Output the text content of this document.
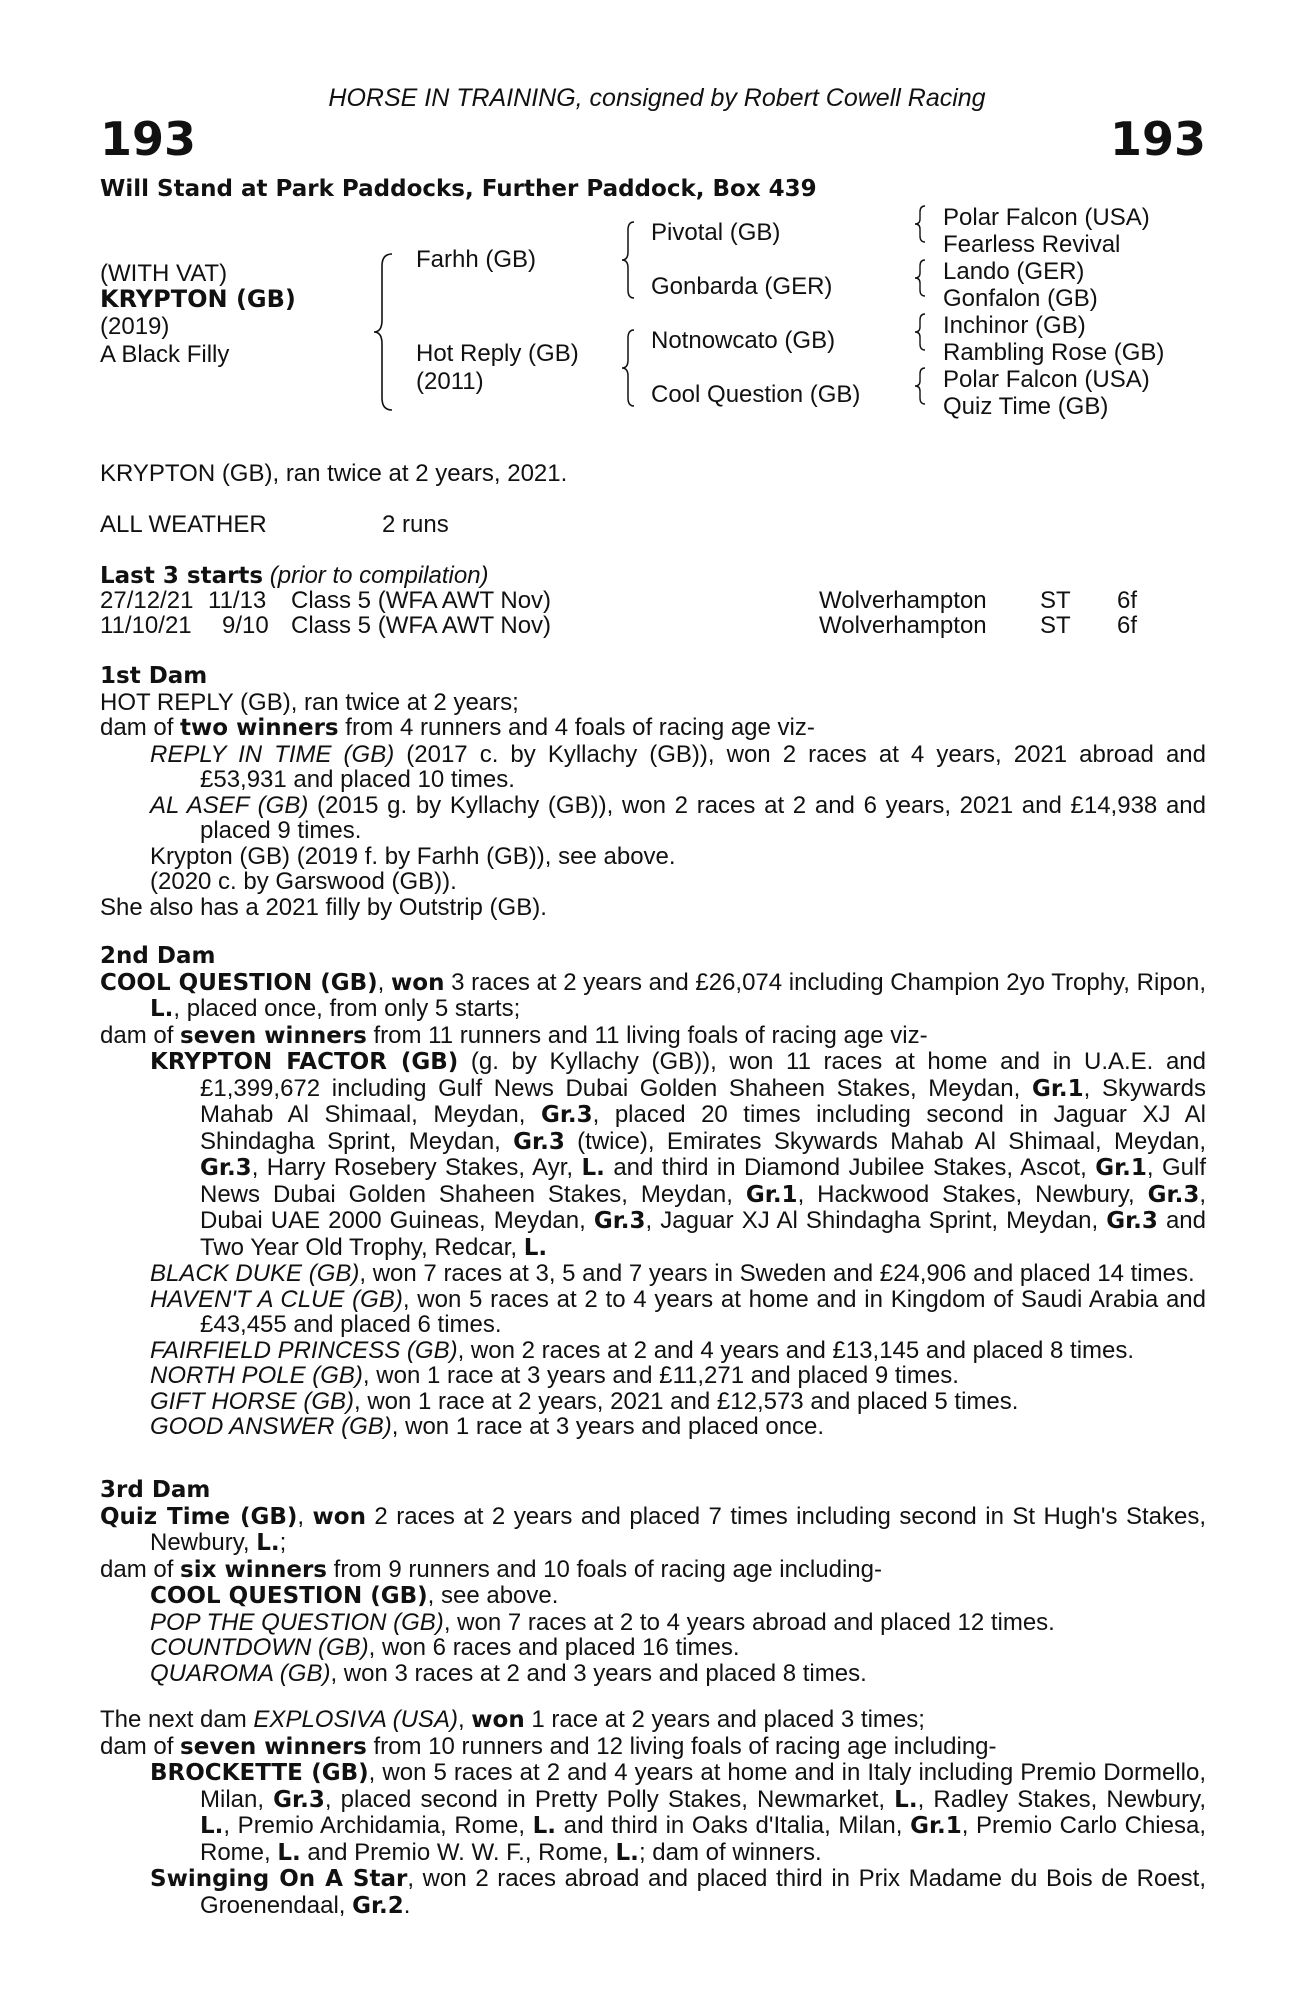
HORSE IN TRAINING, consigned by Robert Cowell Racing
193	193
Will Stand at Park Paddocks, Further Paddock, Box 439
(WITH VAT)
KRYPTON (GB)
(2019)
A Black Filly
Farhh (GB)
Hot Reply (GB)
(2011)
Pivotal (GB)
Gonbarda (GER)
Notnowcato (GB)
Cool Question (GB)
Polar Falcon (USA)
Fearless Revival
Lando (GER)
Gonfalon (GB)
Inchinor (GB)
Rambling Rose (GB)
Polar Falcon (USA)
Quiz Time (GB)
KRYPTON (GB), ran twice at 2 years, 2021.
ALL WEATHER	2 runs
Last 3 starts (prior to compilation)
27/12/21 11/13 Class 5 (WFA AWT Nov)	Wolverhampton ST 6f
11/10/21 9/10 Class 5 (WFA AWT Nov)	Wolverhampton ST 6f

1st Dam

HOT REPLY (GB), ran twice at 2 years;

dam of two winners from 4 runners and 4 foals of racing age viz-

REPLY IN TIME (GB) (2017 c. by Kyllachy (GB)), won 2 races at 4 years, 2021 abroad and £53,931 and placed 10 times.

AL ASEF (GB) (2015 g. by Kyllachy (GB)), won 2 races at 2 and 6 years, 2021 and £14,938 and placed 9 times.

Krypton (GB) (2019 f. by Farhh (GB)), see above.

(2020 c. by Garswood (GB)).

She also has a 2021 filly by Outstrip (GB).

2nd Dam

COOL QUESTION (GB), won 3 races at 2 years and £26,074 including Champion 2yo Trophy, Ripon, L., placed once, from only 5 starts;

dam of seven winners from 11 runners and 11 living foals of racing age viz-

KRYPTON FACTOR (GB) (g. by Kyllachy (GB)), won 11 races at home and in U.A.E. and £1,399,672 including Gulf News Dubai Golden Shaheen Stakes, Meydan, Gr.1, Skywards Mahab Al Shimaal, Meydan, Gr.3, placed 20 times including second in Jaguar XJ Al Shindagha Sprint, Meydan, Gr.3 (twice), Emirates Skywards Mahab Al Shimaal, Meydan, Gr.3, Harry Rosebery Stakes, Ayr, L. and third in Diamond Jubilee Stakes, Ascot, Gr.1, Gulf News Dubai Golden Shaheen Stakes, Meydan, Gr.1, Hackwood Stakes, Newbury, Gr.3, Dubai UAE 2000 Guineas, Meydan, Gr.3, Jaguar XJ Al Shindagha Sprint, Meydan, Gr.3 and Two Year Old Trophy, Redcar, L.

BLACK DUKE (GB), won 7 races at 3, 5 and 7 years in Sweden and £24,906 and placed 14 times.

HAVEN'T A CLUE (GB), won 5 races at 2 to 4 years at home and in Kingdom of Saudi Arabia and £43,455 and placed 6 times.

FAIRFIELD PRINCESS (GB), won 2 races at 2 and 4 years and £13,145 and placed 8 times.

NORTH POLE (GB), won 1 race at 3 years and £11,271 and placed 9 times.

GIFT HORSE (GB), won 1 race at 2 years, 2021 and £12,573 and placed 5 times.

GOOD ANSWER (GB), won 1 race at 3 years and placed once.

3rd Dam

Quiz Time (GB), won 2 races at 2 years and placed 7 times including second in St Hugh's Stakes, Newbury, L.;

dam of six winners from 9 runners and 10 foals of racing age including-

COOL QUESTION (GB), see above.

POP THE QUESTION (GB), won 7 races at 2 to 4 years abroad and placed 12 times.

COUNTDOWN (GB), won 6 races and placed 16 times.

QUAROMA (GB), won 3 races at 2 and 3 years and placed 8 times.

The next dam EXPLOSIVA (USA), won 1 race at 2 years and placed 3 times;

dam of seven winners from 10 runners and 12 living foals of racing age including-

BROCKETTE (GB), won 5 races at 2 and 4 years at home and in Italy including Premio Dormello, Milan, Gr.3, placed second in Pretty Polly Stakes, Newmarket, L., Radley Stakes, Newbury, L., Premio Archidamia, Rome, L. and third in Oaks d'Italia, Milan, Gr.1, Premio Carlo Chiesa, Rome, L. and Premio W. W. F., Rome, L.; dam of winners.

Swinging On A Star, won 2 races abroad and placed third in Prix Madame du Bois de Roest, Groenendaal, Gr.2.
